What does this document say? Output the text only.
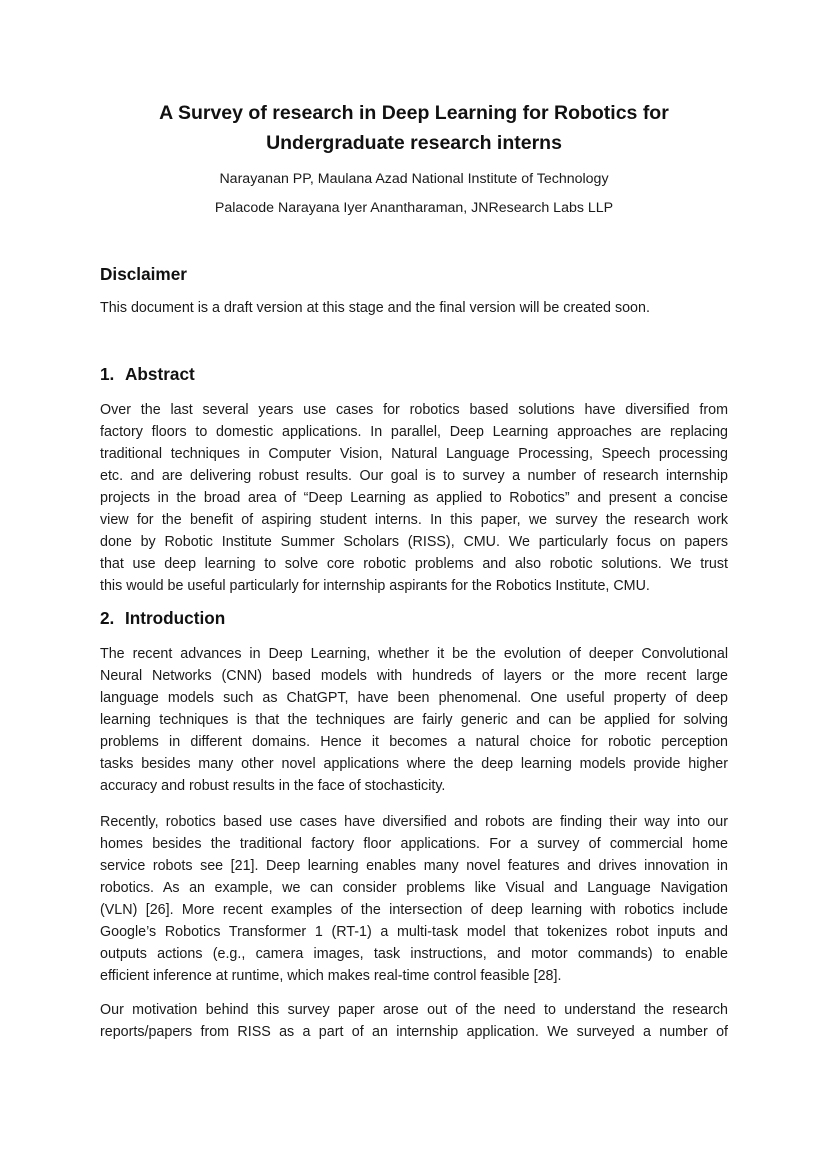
A Survey of research in Deep Learning for Robotics for
Undergraduate research interns
Narayanan PP, Maulana Azad National Institute of Technology
Palacode Narayana Iyer Anantharaman, JNResearch Labs LLP
Disclaimer

This document is a draft version at this stage and the final version will be created soon.

1. Abstract

Over the last several years use cases for robotics based solutions have diversified from
factory floors to domestic applications. In parallel, Deep Learning approaches are replacing
traditional techniques in Computer Vision, Natural Language Processing, Speech processing
etc. and are delivering robust results. Our goal is to survey a number of research internship
projects in the broad area of “Deep Learning as applied to Robotics” and present a concise
view for the benefit of aspiring student interns. In this paper, we survey the research work
done by Robotic Institute Summer Scholars (RISS), CMU. We particularly focus on papers
that use deep learning to solve core robotic problems and also robotic solutions. We trust
this would be useful particularly for internship aspirants for the Robotics Institute, CMU.

2. Introduction

The recent advances in Deep Learning, whether it be the evolution of deeper Convolutional
Neural Networks (CNN) based models with hundreds of layers or the more recent large
language models such as ChatGPT, have been phenomenal. One useful property of deep
learning techniques is that the techniques are fairly generic and can be applied for solving
problems in different domains. Hence it becomes a natural choice for robotic perception
tasks besides many other novel applications where the deep learning models provide higher
accuracy and robust results in the face of stochasticity.

Recently, robotics based use cases have diversified and robots are finding their way into our
homes besides the traditional factory floor applications. For a survey of commercial home
service robots see [21]. Deep learning enables many novel features and drives innovation in
robotics. As an example, we can consider problems like Visual and Language Navigation
(VLN) [26]. More recent examples of the intersection of deep learning with robotics include
Google’s Robotics Transformer 1 (RT-1) a multi-task model that tokenizes robot inputs and
outputs actions (e.g., camera images, task instructions, and motor commands) to enable
efficient inference at runtime, which makes real-time control feasible [28].

Our motivation behind this survey paper arose out of the need to understand the research
reports/papers from RISS as a part of an internship application. We surveyed a number of
